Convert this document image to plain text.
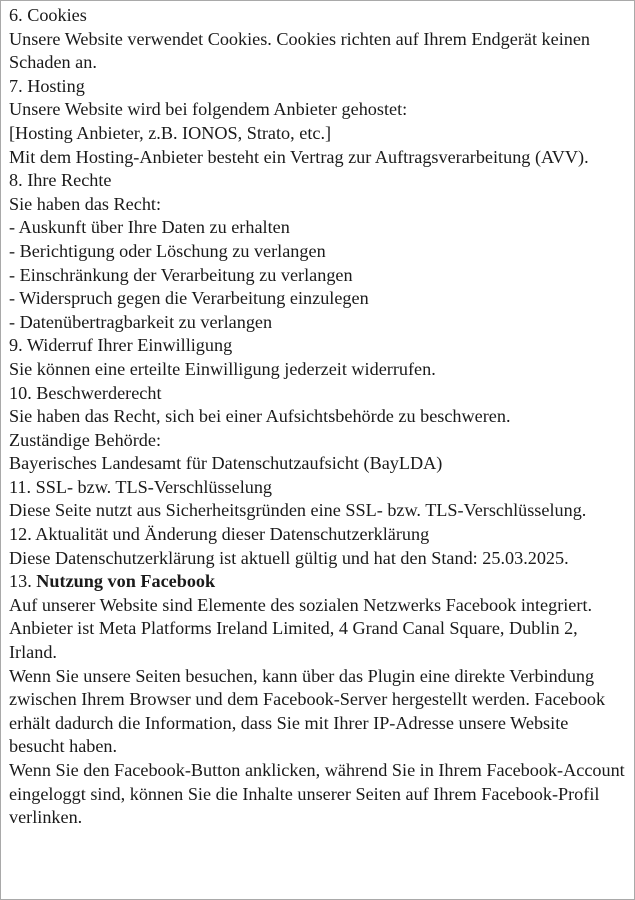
6. Cookies

Unsere Website verwendet Cookies. Cookies richten auf Ihrem Endgerät keinen Schaden an.

7. Hosting

Unsere Website wird bei folgendem Anbieter gehostet:

[Hosting Anbieter, z.B. IONOS, Strato, etc.]

Mit dem Hosting-Anbieter besteht ein Vertrag zur Auftragsverarbeitung (AVV).

8. Ihre Rechte

Sie haben das Recht:

- Auskunft über Ihre Daten zu erhalten

- Berichtigung oder Löschung zu verlangen

- Einschränkung der Verarbeitung zu verlangen

- Widerspruch gegen die Verarbeitung einzulegen

- Datenübertragbarkeit zu verlangen

9. Widerruf Ihrer Einwilligung

Sie können eine erteilte Einwilligung jederzeit widerrufen.

10. Beschwerderecht

Sie haben das Recht, sich bei einer Aufsichtsbehörde zu beschweren.

Zuständige Behörde:

Bayerisches Landesamt für Datenschutzaufsicht (BayLDA)

11. SSL- bzw. TLS-Verschlüsselung

Diese Seite nutzt aus Sicherheitsgründen eine SSL- bzw. TLS-Verschlüsselung.

12. Aktualität und Änderung dieser Datenschutzerklärung

Diese Datenschutzerklärung ist aktuell gültig und hat den Stand: 25.03.2025.

13. Nutzung von Facebook

Auf unserer Website sind Elemente des sozialen Netzwerks Facebook integriert. Anbieter ist Meta Platforms Ireland Limited, 4 Grand Canal Square, Dublin 2, Irland.

Wenn Sie unsere Seiten besuchen, kann über das Plugin eine direkte Verbindung zwischen Ihrem Browser und dem Facebook-Server hergestellt werden. Facebook erhält dadurch die Information, dass Sie mit Ihrer IP-Adresse unsere Website besucht haben.

Wenn Sie den Facebook-Button anklicken, während Sie in Ihrem Facebook-Account eingeloggt sind, können Sie die Inhalte unserer Seiten auf Ihrem Facebook-Profil verlinken.
